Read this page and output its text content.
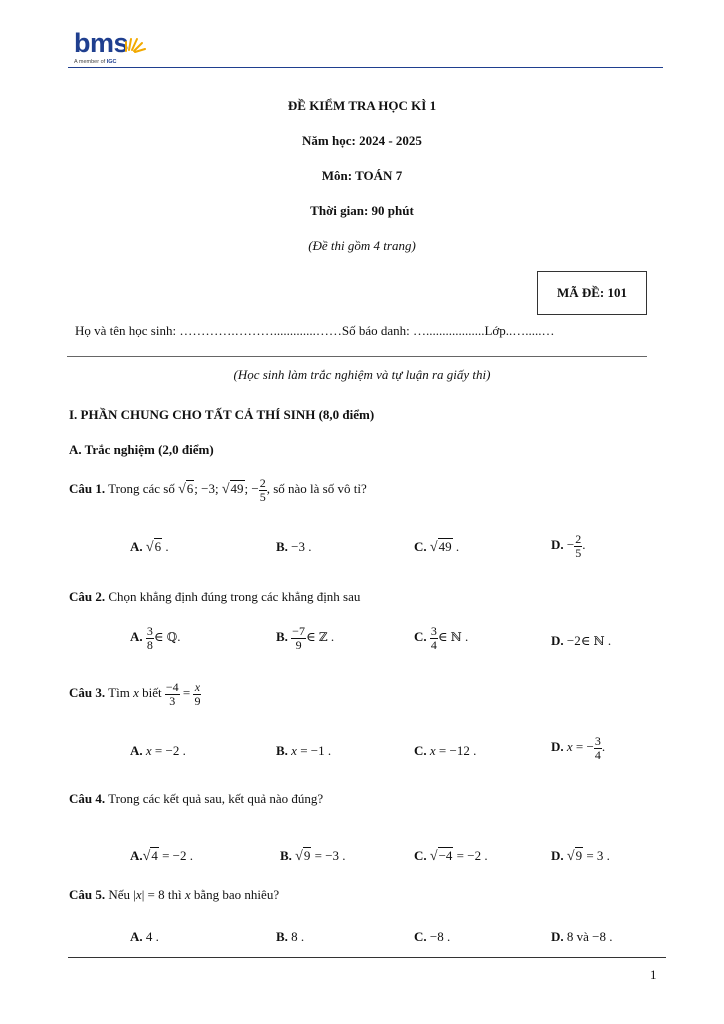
bms
A member of IGC
ĐỀ KIỂM TRA HỌC KÌ 1
Năm học: 2024 - 2025
Môn: TOÁN 7
Thời gian: 90 phút
(Đề thi gồm 4 trang)
MÃ ĐỀ: 101
Họ và tên học sinh: ………….……….............……Số báo danh: …..................Lớp..….....…
(Học sinh làm trắc nghiệm và tự luận ra giấy thi)
I. PHẦN CHUNG CHO TẤT CẢ THÍ SINH (8,0 điểm)
A. Trắc nghiệm (2,0 điểm)
Câu 1. Trong các số √6; −3; √49; − $\frac{2}{5}$ , số nào là số vô tỉ?
A. √6 .	B. −3 .	C. √49 .	D. − $\frac{2}{5}$ .
Câu 2. Chọn khẳng định đúng trong các khẳng định sau
A. $\frac{3}{8}$ ∈ ℚ.	B. $\frac{-7}{9}$ ∈ ℤ .	C. $\frac{3}{4}$ ∈ ℕ .	D. −2∈ ℕ .
Câu 3. Tìm x biết $\frac{-4}{3} = \frac{x}{9}$
A. x = −2 .	B. x = −1 .	C. x = −12 .	D. x = − $\frac{3}{4}$ .
Câu 4. Trong các kết quả sau, kết quả nào đúng?
A.√4 = −2 .	B. √9 = −3 .	C. √−4 = −2 .	D. √9 = 3 .
Câu 5. Nếu |x| = 8 thì x bằng bao nhiêu?
A. 4 .	B. 8 .	C. −8 .	D. 8 và −8 .
1
